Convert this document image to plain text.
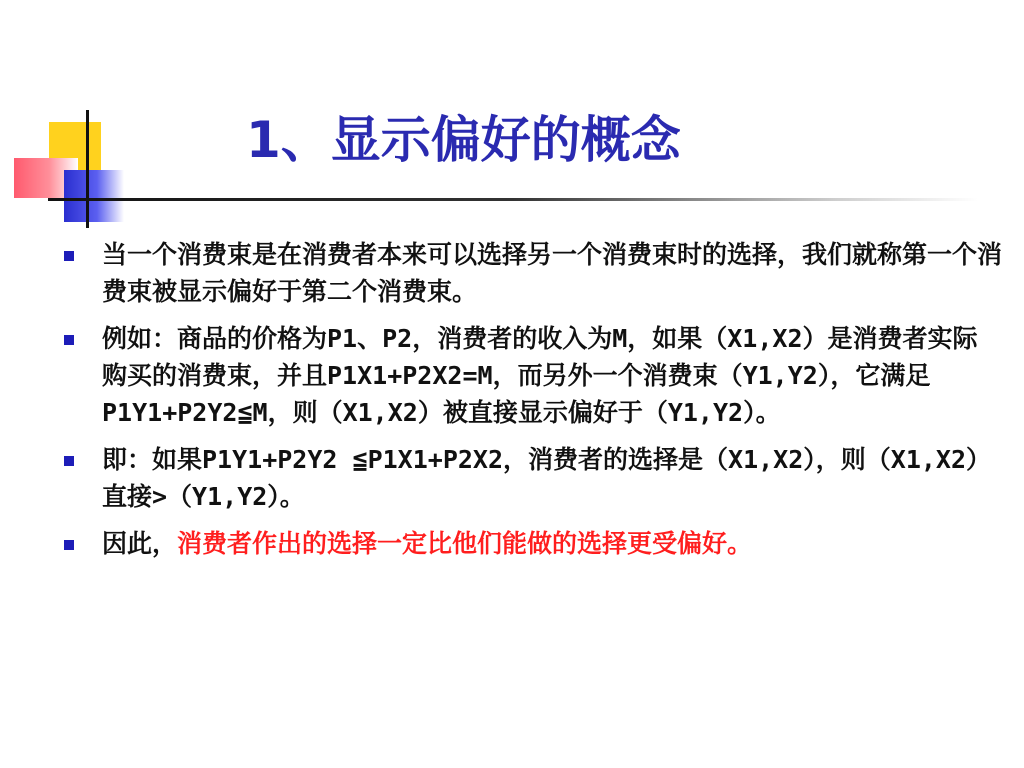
1、显示偏好的概念
当一个消费束是在消费者本来可以选择另一个消费束时的选择，我们就称第一个消费束被显示偏好于第二个消费束。
例如：商品的价格为P1、P2，消费者的收入为M，如果（X1,X2）是消费者实际购买的消费束，并且P1X1+P2X2=M，而另外一个消费束（Y1,Y2），它满足P1Y1+P2Y2≦M，则（X1,X2）被直接显示偏好于（Y1,Y2）。
即：如果P1Y1+P2Y2 ≦P1X1+P2X2，消费者的选择是（X1,X2），则（X1,X2）直接>（Y1,Y2）。
因此，消费者作出的选择一定比他们能做的选择更受偏好。
